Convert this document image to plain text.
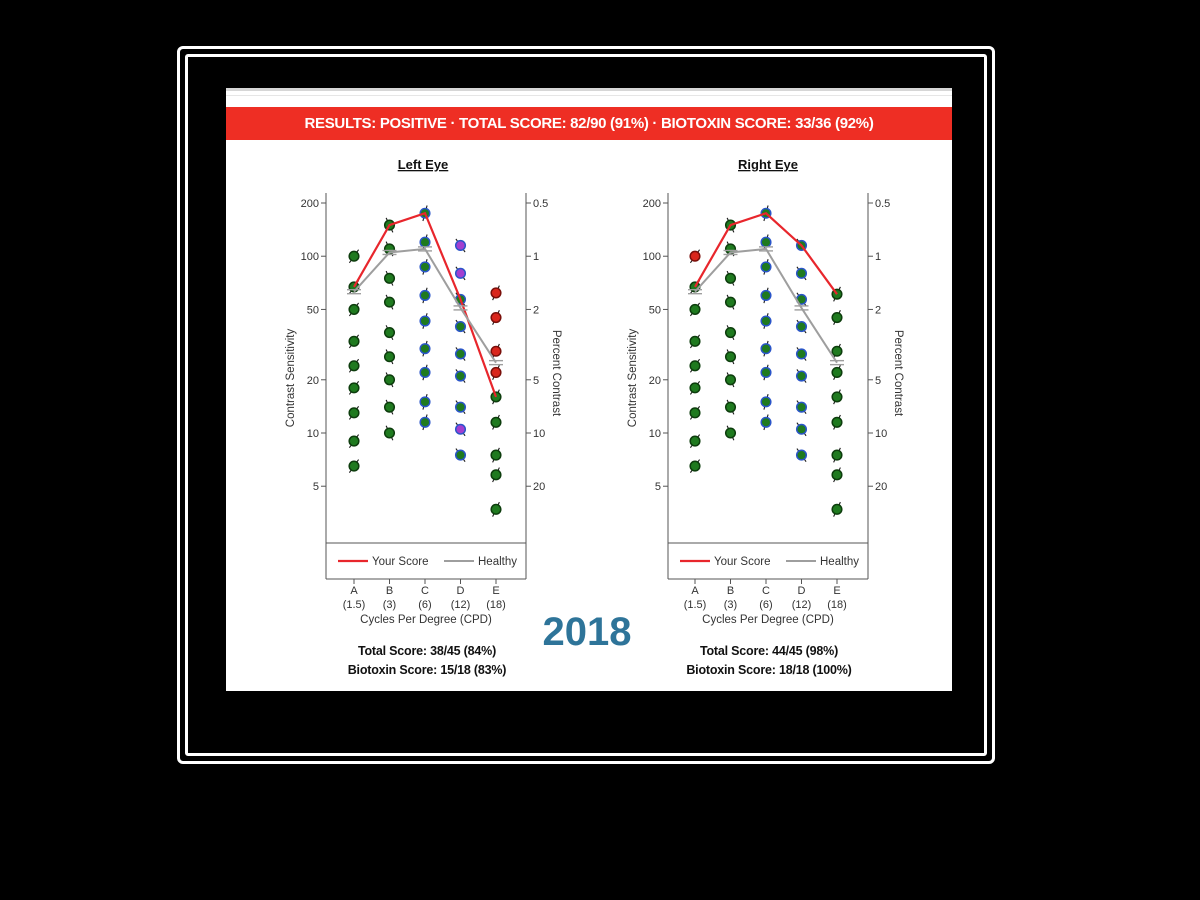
RESULTS: POSITIVE · TOTAL SCORE: 82/90 (91%) · BIOTOXIN SCORE: 33/36 (92%)
Left Eye
5
10
20
50
100
200	0.5
1
2
5
10
20
Contrast Sensitivity	Percent Contrast
Your Score	Healthy
A
(1.5)
B
(3)
C
(6)
D
(12)
E
(18)
Cycles Per Degree (CPD)
Right Eye
5
10
20
50
100
200	0.5
1
2
5
10
20
Contrast Sensitivity	Percent Contrast
Your Score	Healthy
A
(1.5)
B
(3)
C
(6)
D
(12)
E
(18)
Cycles Per Degree (CPD)
Total Score: 38/45 (84%)
Biotoxin Score: 15/18 (83%)
Total Score: 44/45 (98%)
Biotoxin Score: 18/18 (100%)
2018
